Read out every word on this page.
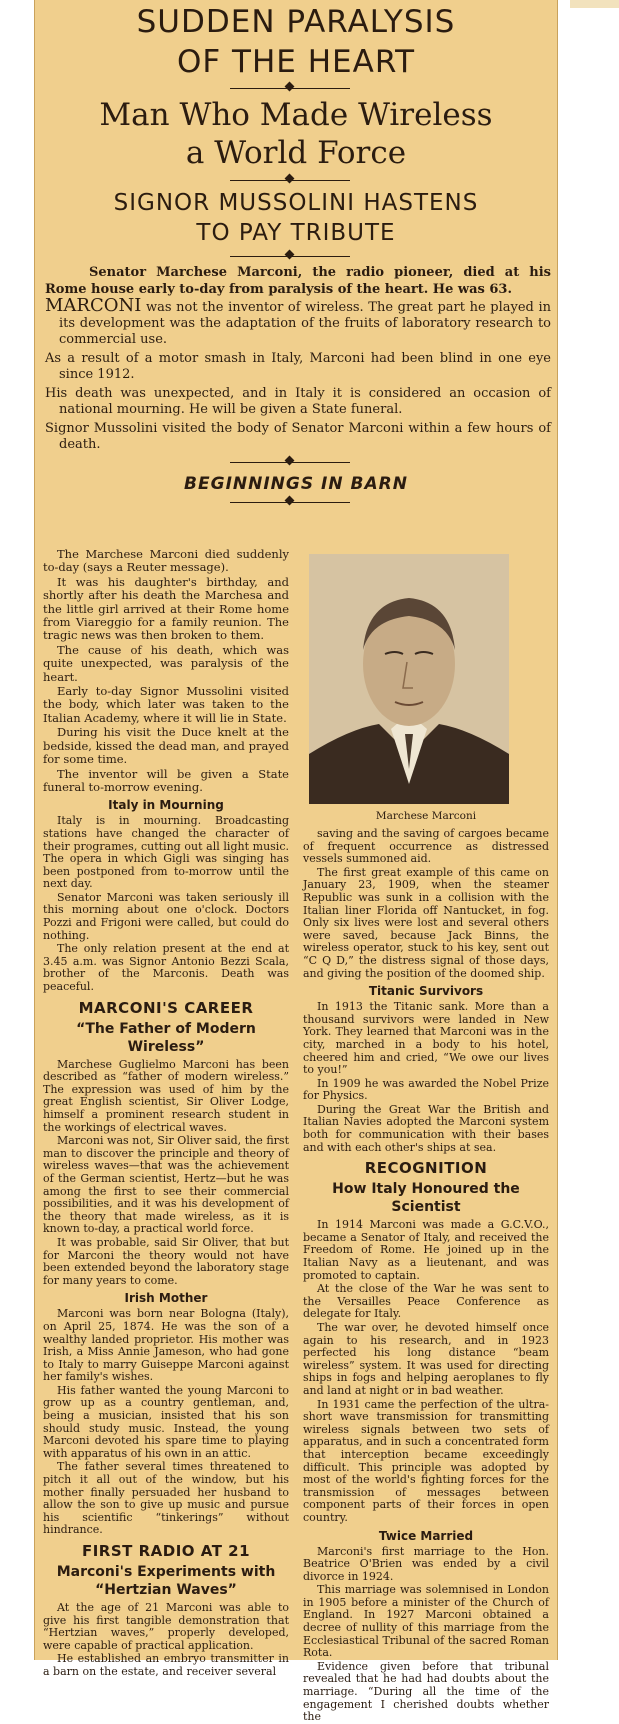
SUDDEN PARALYSIS
OF THE HEART
Man Who Made Wireless
a World Force
SIGNOR MUSSOLINI HASTENS
TO PAY TRIBUTE

Senator Marchese Marconi, the radio pioneer, died at his Rome house early to-day from paralysis of the heart. He was 63.

MARCONI was not the inventor of wireless. The great part he played in its development was the adaptation of the fruits of laboratory research to commercial use.

As a result of a motor smash in Italy, Marconi had been blind in one eye since 1912.

His death was unexpected, and in Italy it is considered an occasion of national mourning. He will be given a State funeral.

Signor Mussolini visited the body of Senator Marconi within a few hours of death.

BEGINNINGS IN BARN

The Marchese Marconi died suddenly to-day (says a Reuter message).

It was his daughter's birthday, and shortly after his death the Marchesa and the little girl arrived at their Rome home from Viareggio for a family reunion. The tragic news was then broken to them.

The cause of his death, which was quite unexpected, was paralysis of the heart.

Early to-day Signor Mussolini visited the body, which later was taken to the Italian Academy, where it will lie in State.

During his visit the Duce knelt at the bedside, kissed the dead man, and prayed for some time.

The inventor will be given a State funeral to-morrow evening.

Italy in Mourning

Italy is in mourning. Broadcasting stations have changed the character of their programes, cutting out all light music. The opera in which Gigli was singing has been postponed from to-morrow until the next day.

Senator Marconi was taken seriously ill this morning about one o'clock. Doctors Pozzi and Frigoni were called, but could do nothing.

The only relation present at the end at 3.45 a.m. was Signor Antonio Bezzi Scala, brother of the Marconis. Death was peaceful.

MARCONI'S CAREER
“The Father of Modern Wireless”

Marchese Guglielmo Marconi has been described as “father of modern wireless.” The expression was used of him by the great English scientist, Sir Oliver Lodge, himself a prominent research student in the workings of electrical waves.

Marconi was not, Sir Oliver said, the first man to discover the principle and theory of wireless waves—that was the achievement of the German scientist, Hertz—but he was among the first to see their commercial possibilities, and it was his development of the theory that made wireless, as it is known to-day, a practical world force.

It was probable, said Sir Oliver, that but for Marconi the theory would not have been extended beyond the laboratory stage for many years to come.

Irish Mother

Marconi was born near Bologna (Italy), on April 25, 1874. He was the son of a wealthy landed proprietor. His mother was Irish, a Miss Annie Jameson, who had gone to Italy to marry Guiseppe Marconi against her family's wishes.

His father wanted the young Marconi to grow up as a country gentleman, and, being a musician, insisted that his son should study music. Instead, the young Marconi devoted his spare time to playing with apparatus of his own in an attic.

The father several times threatened to pitch it all out of the window, but his mother finally persuaded her husband to allow the son to give up music and pursue his scientific “tinkerings” without hindrance.

FIRST RADIO AT 21
Marconi's Experiments with “Hertzian Waves”

At the age of 21 Marconi was able to give his first tangible demonstration that “Hertzian waves,” properly developed, were capable of practical application.

He established an embryo transmitter in a barn on the estate, and receiver several

Marchese Marconi

saving and the saving of cargoes became of frequent occurrence as distressed vessels summoned aid.

The first great example of this came on January 23, 1909, when the steamer Republic was sunk in a collision with the Italian liner Florida off Nantucket, in fog. Only six lives were lost and several others were saved, because Jack Binns, the wireless operator, stuck to his key, sent out “C Q D,” the distress signal of those days, and giving the position of the doomed ship.

Titanic Survivors

In 1913 the Titanic sank. More than a thousand survivors were landed in New York. They learned that Marconi was in the city, marched in a body to his hotel, cheered him and cried, “We owe our lives to you!”

In 1909 he was awarded the Nobel Prize for Physics.

During the Great War the British and Italian Navies adopted the Marconi system both for communication with their bases and with each other's ships at sea.

RECOGNITION
How Italy Honoured the Scientist

In 1914 Marconi was made a G.C.V.O., became a Senator of Italy, and received the Freedom of Rome. He joined up in the Italian Navy as a lieutenant, and was promoted to captain.

At the close of the War he was sent to the Versailles Peace Conference as delegate for Italy.

The war over, he devoted himself once again to his research, and in 1923 perfected his long distance “beam wireless” system. It was used for directing ships in fogs and helping aeroplanes to fly and land at night or in bad weather.

In 1931 came the perfection of the ultra-short wave transmission for transmitting wireless signals between two sets of apparatus, and in such a concentrated form that interception became exceedingly difficult. This principle was adopted by most of the world's fighting forces for the transmission of messages between component parts of their forces in open country.

Twice Married

Marconi's first marriage to the Hon. Beatrice O'Brien was ended by a civil divorce in 1924.

This marriage was solemnised in London in 1905 before a minister of the Church of England. In 1927 Marconi obtained a decree of nullity of this marriage from the Ecclesiastical Tribunal of the sacred Roman Rota.

Evidence given before that tribunal revealed that he had had doubts about the marriage. “During all the time of the engagement I cherished doubts whether the
